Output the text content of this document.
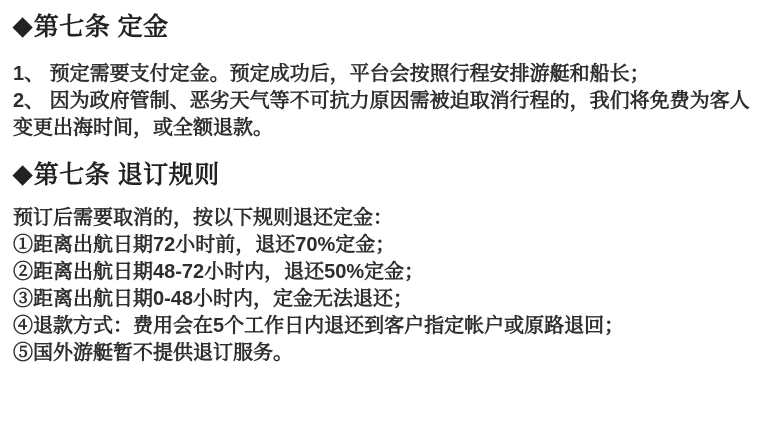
◆第七条 定金
1、 预定需要支付定金。预定成功后，平台会按照行程安排游艇和船长；
2、 因为政府管制、恶劣天气等不可抗力原因需被迫取消行程的，我们将免费为客人
变更出海时间，或全额退款。
◆第七条 退订规则
预订后需要取消的，按以下规则退还定金：
①距离出航日期72小时前，退还70%定金；
②距离出航日期48-72小时内，退还50%定金；
③距离出航日期0-48小时内，定金无法退还；
④退款方式：费用会在5个工作日内退还到客户指定帐户或原路退回；
⑤国外游艇暂不提供退订服务。
